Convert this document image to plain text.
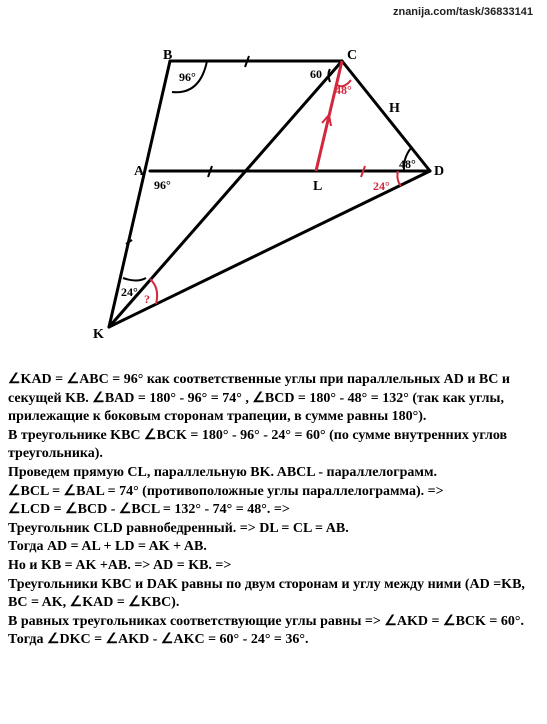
znanija.com/task/36833141
B	C
A	D
L
H
K
96°
96°
60
48°
48°
24°
24° ?

∠KAD = ∠ABC = 96° как соответственные углы при параллельных AD и BC и секущей KB. ∠BAD = 180° - 96° = 74° , ∠BCD = 180° - 48° = 132° (так как углы, прилежащие к боковым сторонам трапеции, в сумме равны 180°).

В треугольнике KBC ∠BCK = 180° - 96° - 24° = 60° (по сумме внутренних углов треугольника).

Проведем прямую CL, параллельную BK. ABCL - параллелограмм.

∠BCL = ∠BAL = 74° (противоположные углы параллелограмма). =>

∠LCD = ∠BCD - ∠BCL = 132° - 74° = 48°. =>

Треугольник CLD равнобедренный. => DL = CL = AB.

Тогда AD = AL + LD = AK + AB.

Но и KB = AK +AB. => AD = KB. =>

Треугольники KBC и DAK равны по двум сторонам и углу между ними (AD =KB, BC = AK, ∠KAD = ∠KBC).

В равных треугольниках соответствующие углы равны => ∠AKD = ∠BCK = 60°.

Тогда ∠DKC = ∠AKD - ∠AKC = 60° - 24° = 36°.
